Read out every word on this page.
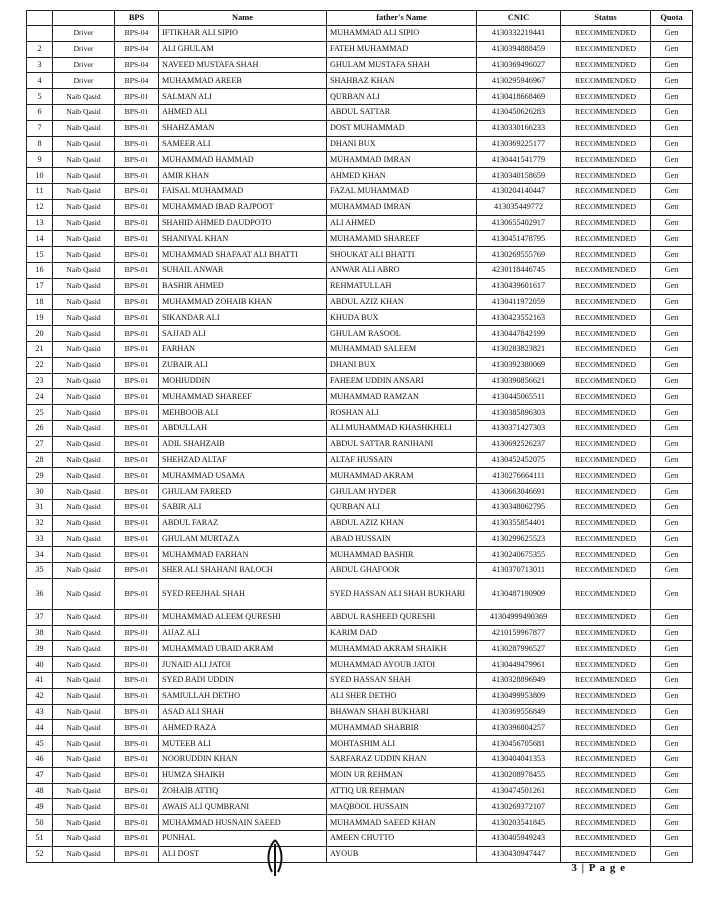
		BPS	Name	father's Name	CNIC	Status	Quota
	Driver	BPS-04	IFTIKHAR ALI SIPIO	MUHAMMAD ALI SIPIO	4130332219441	RECOMMENDED	Gen
2	Driver	BPS-04	ALI GHULAM	FATEH MUHAMMAD	4130394888459	RECOMMENDED	Gen
3	Driver	BPS-04	NAVEED MUSTAFA SHAH	GHULAM MUSTAFA SHAH	4130369496027	RECOMMENDED	Gen
4	Driver	BPS-04	MUHAMMAD AREEB	SHAHBAZ KHAN	4130295946967	RECOMMENDED	Gen
5	Naib Qasid	BPS-01	SALMAN ALI	QURBAN ALI	4130418668469	RECOMMENDED	Gen
6	Naib Qasid	BPS-01	AHMED ALI	ABDUL SATTAR	4130450626283	RECOMMENDED	Gen
7	Naib Qasid	BPS-01	SHAHZAMAN	DOST MUHAMMAD	4130330166233	RECOMMENDED	Gen
8	Naib Qasid	BPS-01	SAMEER ALI	DHANI BUX	4130369225177	RECOMMENDED	Gen
9	Naib Qasid	BPS-01	MUHAMMAD HAMMAD	MUHAMMAD IMRAN	4130441541779	RECOMMENDED	Gen
10	Naib Qasid	BPS-01	AMIR KHAN	AHMED KHAN	4130340158659	RECOMMENDED	Gen
11	Naib Qasid	BPS-01	FAISAL MUHAMMAD	FAZAL MUHAMMAD	4130204140447	RECOMMENDED	Gen
12	Naib Qasid	BPS-01	MUHAMMAD IBAD RAJPOOT	MUHAMMAD IMRAN	413035449772	RECOMMENDED	Gen
13	Naib Qasid	BPS-01	SHAHID AHMED DAUDPOTO	ALI AHMED	4130655402917	RECOMMENDED	Gen
14	Naib Qasid	BPS-01	SHANIYAL KHAN	MUHAMAMD SHAREEF	4130451478795	RECOMMENDED	Gen
15	Naib Qasid	BPS-01	MUHAMMAD SHAFAAT ALI BHATTI	SHOUKAT ALI BHATTI	4130269555769	RECOMMENDED	Gen
16	Naib Qasid	BPS-01	SUHAIL ANWAR	ANWAR ALI ABRO	4230118446745	RECOMMENDED	Gen
17	Naib Qasid	BPS-01	BASHIR AHMED	REHMATULLAH	4130439601617	RECOMMENDED	Gen
18	Naib Qasid	BPS-01	MUHAMMAD ZOHAIB KHAN	ABDUL AZIZ KHAN	4130411972059	RECOMMENDED	Gen
19	Naib Qasid	BPS-01	SIKANDAR ALI	KHUDA BUX	4130423552163	RECOMMENDED	Gen
20	Naib Qasid	BPS-01	SAJJAD ALI	GHULAM RASOOL	4130447842199	RECOMMENDED	Gen
21	Naib Qasid	BPS-01	FARHAN	MUHAMMAD SALEEM	4130283823821	RECOMMENDED	Gen
22	Naib Qasid	BPS-01	ZUBAIR ALI	DHANI BUX	4130392380069	RECOMMENDED	Gen
23	Naib Qasid	BPS-01	MOHIUDDIN	FAHEEM UDDIN ANSARI	4130390856621	RECOMMENDED	Gen
24	Naib Qasid	BPS-01	MUHAMMAD SHAREEF	MUHAMMAD RAMZAN	4130445065511	RECOMMENDED	Gen
25	Naib Qasid	BPS-01	MEHBOOB ALI	ROSHAN ALI	4130385896303	RECOMMENDED	Gen
26	Naib Qasid	BPS-01	ABDULLAH	ALI MUHAMMAD KHASHKHELI	4130371427303	RECOMMENDED	Gen
27	Naib Qasid	BPS-01	ADIL SHAHZAIB	ABDUL SATTAR RANJHANI	4130692526237	RECOMMENDED	Gen
28	Naib Qasid	BPS-01	SHEHZAD ALTAF	ALTAF HUSSAIN	4130452452075	RECOMMENDED	Gen
29	Naib Qasid	BPS-01	MUHAMMAD USAMA	MUHAMMAD AKRAM	4130276664111	RECOMMENDED	Gen
30	Naib Qasid	BPS-01	GHULAM FAREED	GHULAM HYDER	4130663046691	RECOMMENDED	Gen
31	Naib Qasid	BPS-01	SABIR ALI	QURBAN ALI	4130348062795	RECOMMENDED	Gen
32	Naib Qasid	BPS-01	ABDUL FARAZ	ABDUL AZIZ KHAN	4130355854401	RECOMMENDED	Gen
33	Naib Qasid	BPS-01	GHULAM MURTAZA	ABAD HUSSAIN	4130299625523	RECOMMENDED	Gen
34	Naib Qasid	BPS-01	MUHAMMAD FARHAN	MUHAMMAD BASHIR	4130240675355	RECOMMENDED	Gen
35	Naib Qasid	BPS-01	SHER ALI SHAHANI BALOCH	ABDUL GHAFOOR	4130370713011	RECOMMENDED	Gen
36	Naib Qasid	BPS-01	SYED REEJHAL SHAH	SYED HASSAN ALI SHAH BUKHARI	4130487190909	RECOMMENDED	Gen
37	Naib Qasid	BPS-01	MUHAMMAD ALEEM QURESHI	ABDUL RASHEED QURESHI	41304999490369	RECOMMENDED	Gen
38	Naib Qasid	BPS-01	AIJAZ ALI	KARIM DAD	4210159967877	RECOMMENDED	Gen
39	Naib Qasid	BPS-01	MUHAMMAD UBAID AKRAM	MUHAMMAD AKRAM SHAIKH	4130287996527	RECOMMENDED	Gen
40	Naib Qasid	BPS-01	JUNAID ALI JATOI	MUHAMMAD AYOUB JATOI	4130449479961	RECOMMENDED	Gen
41	Naib Qasid	BPS-01	SYED BADI UDDIN	SYED HASSAN SHAH	4130328896949	RECOMMENDED	Gen
42	Naib Qasid	BPS-01	SAMIULLAH DETHO	ALI SHER DETHO	4130499953809	RECOMMENDED	Gen
43	Naib Qasid	BPS-01	ASAD ALI SHAH	BHAWAN SHAH BUKHARI	4130369556849	RECOMMENDED	Gen
44	Naib Qasid	BPS-01	AHMED RAZA	MUHAMMAD SHABBIR	4130396804257	RECOMMENDED	Gen
45	Naib Qasid	BPS-01	MUTEEB ALI	MOHTASHIM ALI	4130456705681	RECOMMENDED	Gen
46	Naib Qasid	BPS-01	NOORUDDIN KHAN	SARFARAZ UDDIN KHAN	4130404041353	RECOMMENDED	Gen
47	Naib Qasid	BPS-01	HUMZA SHAIKH	MOIN UR REHMAN	4130208978455	RECOMMENDED	Gen
48	Naib Qasid	BPS-01	ZOHAIB ATTIQ	ATTIQ UR REHMAN	4130474501261	RECOMMENDED	Gen
49	Naib Qasid	BPS-01	AWAIS ALI QUMBRANI	MAQBOOL HUSSAIN	4130269372107	RECOMMENDED	Gen
50	Naib Qasid	BPS-01	MUHAMMAD HUSNAIN SAEED	MUHAMMAD SAEED KHAN	4130203541845	RECOMMENDED	Gen
51	Naib Qasid	BPS-01	PUNHAL	AMEEN CHUTTO	4130405949243	RECOMMENDED	Gen
52	Naib Qasid	BPS-01	ALI DOST	AYOUB	4130430947447	RECOMMENDED	Gen
3 | P a g e
